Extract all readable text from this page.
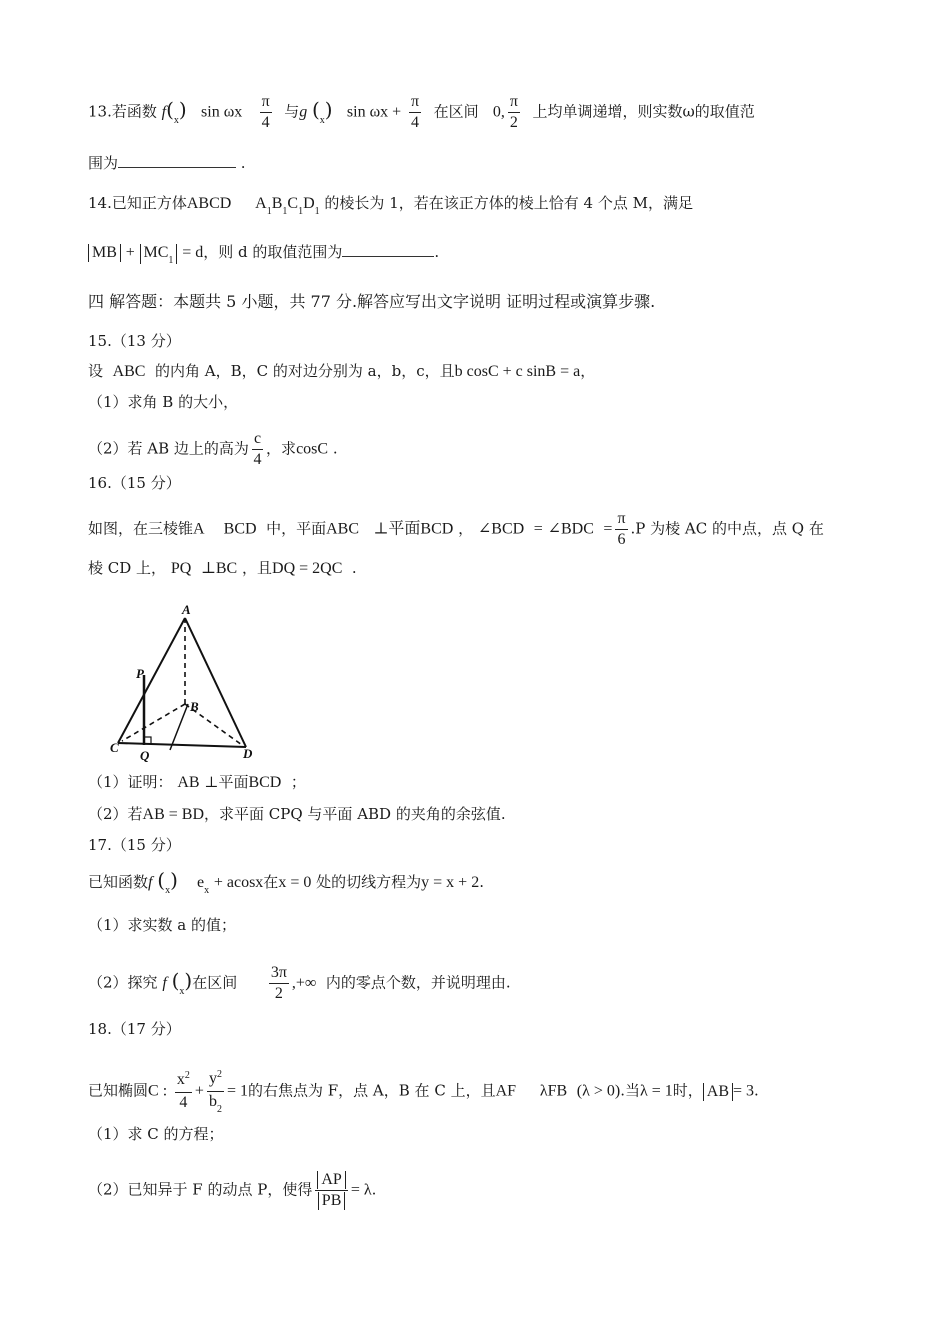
13.若函数 $f(_x)$ sin ωx $\frac{\pi}{4}$ 与g $(_x)$ $\sin \omega x + \frac{\pi}{4}$ 在区间 0, $\frac{\pi}{2}$ 上均单调递增，则实数ω的取值范
围为	.
14.已知正方体ABCD $A_1B_1C_1D_1$ 的棱长为 1，若在该正方体的棱上恰有 4 个点 M，满足
MB + $MC_1 = d$，则 d 的取值范围为	.
四 解答题：本题共 5 小题，共 77 分.解答应写出文字说明 证明过程或演算步骤.
15.（13 分）
设 ABC 的内角 A，B，C 的对边分别为 a，b，c，且b cosC + c sinB = a，
（1）求角 B 的大小，
（2）若 AB 边上的高为 $\frac{c}{4}$ ，求cosC .
16.（15 分）
如图，在三棱锥A BCD 中，平面ABC ⊥平面BCD ， ∠BCD = ∠BDC = $\frac{\pi}{6} .P$ 为棱 AC 的中点，点 Q 在
棱 CD 上， PQ ⊥BC ，且DQ = 2QC .
A
P
B
C
Q	D
（1）证明： AB ⊥平面BCD ；
（2）若AB = BD，求平面 CPQ 与平面 ABD 的夹角的余弦值.
17.（15 分）
已知函数f $(_x) e_x + acosx$在x = 0 处的切线方程为y = x + 2.
（1）求实数 a 的值；
（2）探究 f $(_x)$在区间 $\frac{3\pi}{2}$ ,+∞ 内的零点个数，并说明理由.
18.（17 分）
已知椭圆C : $\frac{x^2}{4} + \frac{y^2}{b_2} = 1$的右焦点为 F，点 A，B 在 C 上，且AF λFB (λ > 0).当λ = 1时， AB = 3.
（1）求 C 的方程；
（2）已知异于 F 的动点 P，使得 $\frac{AP}{PB} = \lambda$.
